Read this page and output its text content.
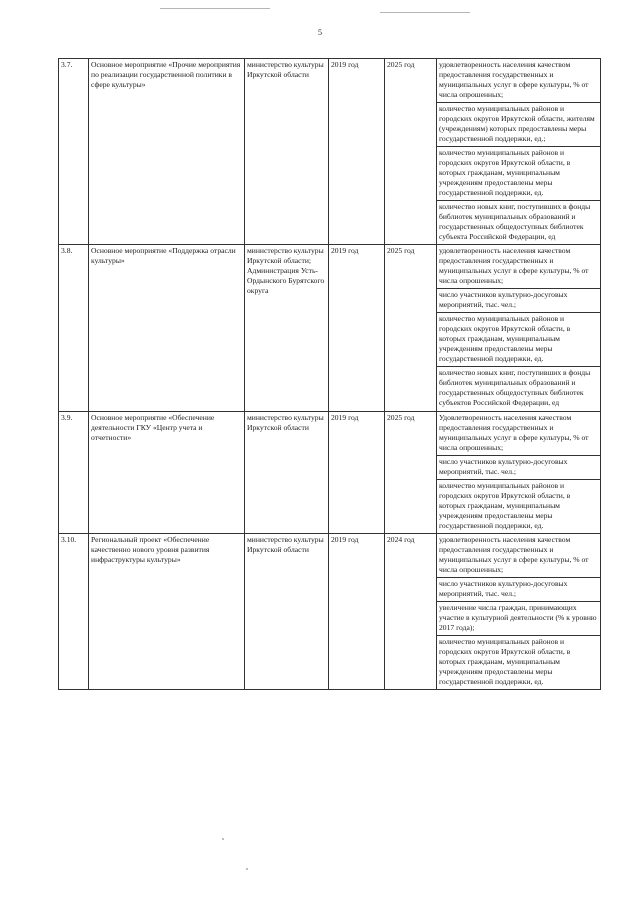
5
3.7.	Основное мероприятие «Прочие мероприятия по реализации государственной политики в сфере культуры»	министерство культуры Иркутской области	2019 год	2025 год	удовлетворенность населения качеством предоставления государственных и муниципальных услуг в сфере культуры, % от числа опрошенных;
количество муниципальных районов и городских округов Иркутской области, жителям (учреждениям) которых предоставлены меры государственной поддержки, ед.;
количество муниципальных районов и городских округов Иркутской области, в которых гражданам, муниципальным учреждениям предоставлены меры государственной поддержки, ед.
количество новых книг, поступивших в фонды библиотек муниципальных образований и государственных общедоступных библиотек субъекта Российской Федерации, ед

3.8.	Основное мероприятие «Поддержка отрасли культуры»	министерство культуры Иркутской области; Администрация Усть-Ордынского Бурятского округа	2019 год	2025 год	удовлетворенность населения качеством предоставления государственных и муниципальных услуг в сфере культуры, % от числа опрошенных;
число участников культурно-досуговых мероприятий, тыс. чел.;
количество муниципальных районов и городских округов Иркутской области, в которых гражданам, муниципальным учреждениям предоставлены меры государственной поддержки, ед.
количество новых книг, поступивших в фонды библиотек муниципальных образований и государственных общедоступных библиотек субъектов Российской Федерации, ед

3.9.	Основное мероприятие «Обеспечение деятельности ГКУ «Центр учета и отчетности»	министерство культуры Иркутской области	2019 год	2025 год	Удовлетворенность населения качеством предоставления государственных и муниципальных услуг в сфере культуры, % от числа опрошенных;
число участников культурно-досуговых мероприятий, тыс. чел.;
количество муниципальных районов и городских округов Иркутской области, в которых гражданам, муниципальным учреждениям предоставлены меры государственной поддержки, ед.

3.10.	Региональный проект «Обеспечение качественно нового уровня развития инфраструктуры культуры»	министерство культуры Иркутской области	2019 год	2024 год	удовлетворенность населения качеством предоставления государственных и муниципальных услуг в сфере культуры, % от числа опрошенных;
число участников культурно-досуговых мероприятий, тыс. чел.;
увеличение числа граждан, принимающих участие в культурной деятельности (% к уровню 2017 года);
количество муниципальных районов и городских округов Иркутской области, в которых гражданам, муниципальным учреждениям предоставлены меры государственной поддержки, ед.
